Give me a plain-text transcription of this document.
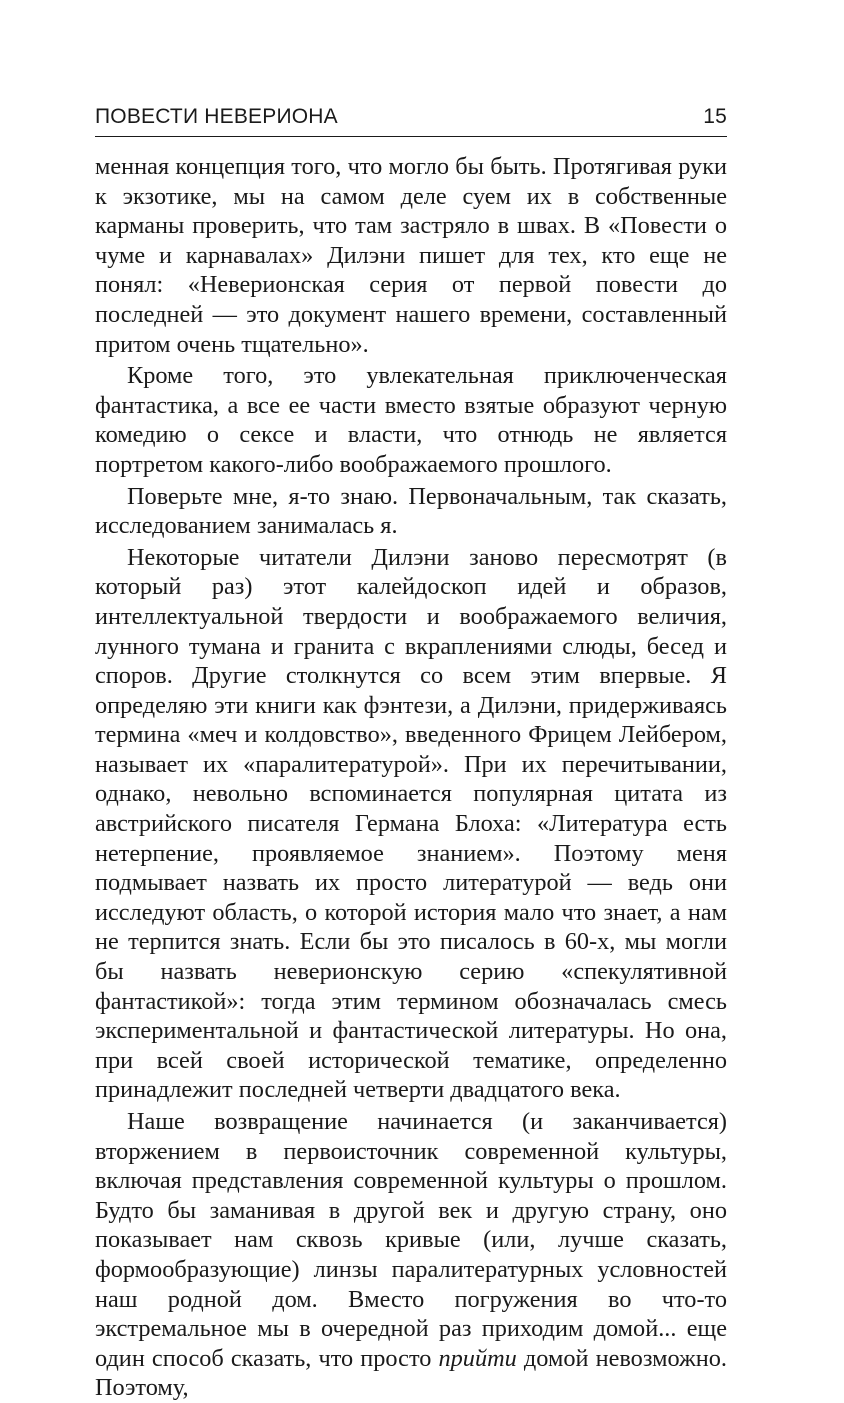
ПОВЕСТИ НЕВЕРИОНА	15

менная концепция того, что могло бы быть. Протягивая руки к экзотике, мы на самом деле суем их в собственные карманы проверить, что там застряло в швах. В «Повести о чуме и карнавалах» Дилэни пишет для тех, кто еще не понял: «Неверионская серия от первой повести до последней — это документ нашего времени, составленный притом очень тщательно».

Кроме того, это увлекательная приключенческая фантастика, а все ее части вместо взятые образуют черную комедию о сексе и власти, что отнюдь не является портретом какого-либо воображаемого прошлого.

Поверьте мне, я-то знаю. Первоначальным, так сказать, исследованием занималась я.

Некоторые читатели Дилэни заново пересмотрят (в который раз) этот калейдоскоп идей и образов, интеллектуальной твердости и воображаемого величия, лунного тумана и гранита с вкраплениями слюды, бесед и споров. Другие столкнутся со всем этим впервые. Я определяю эти книги как фэнтези, а Дилэни, придерживаясь термина «меч и колдовство», введенного Фрицем Лейбером, называет их «паралитературой». При их перечитывании, однако, невольно вспоминается популярная цитата из австрийского писателя Германа Блоха: «Литература есть нетерпение, проявляемое знанием». Поэтому меня подмывает назвать их просто литературой — ведь они исследуют область, о которой история мало что знает, а нам не терпится знать. Если бы это писалось в 60-х, мы могли бы назвать неверионскую серию «спекулятивной фантастикой»: тогда этим термином обозначалась смесь экспериментальной и фантастической литературы. Но она, при всей своей исторической тематике, определенно принадлежит последней четверти двадцатого века.

Наше возвращение начинается (и заканчивается) вторжением в первоисточник современной культуры, включая представления современной культуры о прошлом. Будто бы заманивая в другой век и другую страну, оно показывает нам сквозь кривые (или, лучше сказать, формообразующие) линзы паралитературных условностей наш родной дом. Вместо погружения во что-то экстремальное мы в очередной раз приходим домой... еще один способ сказать, что просто прийти домой невозможно. Поэтому,
